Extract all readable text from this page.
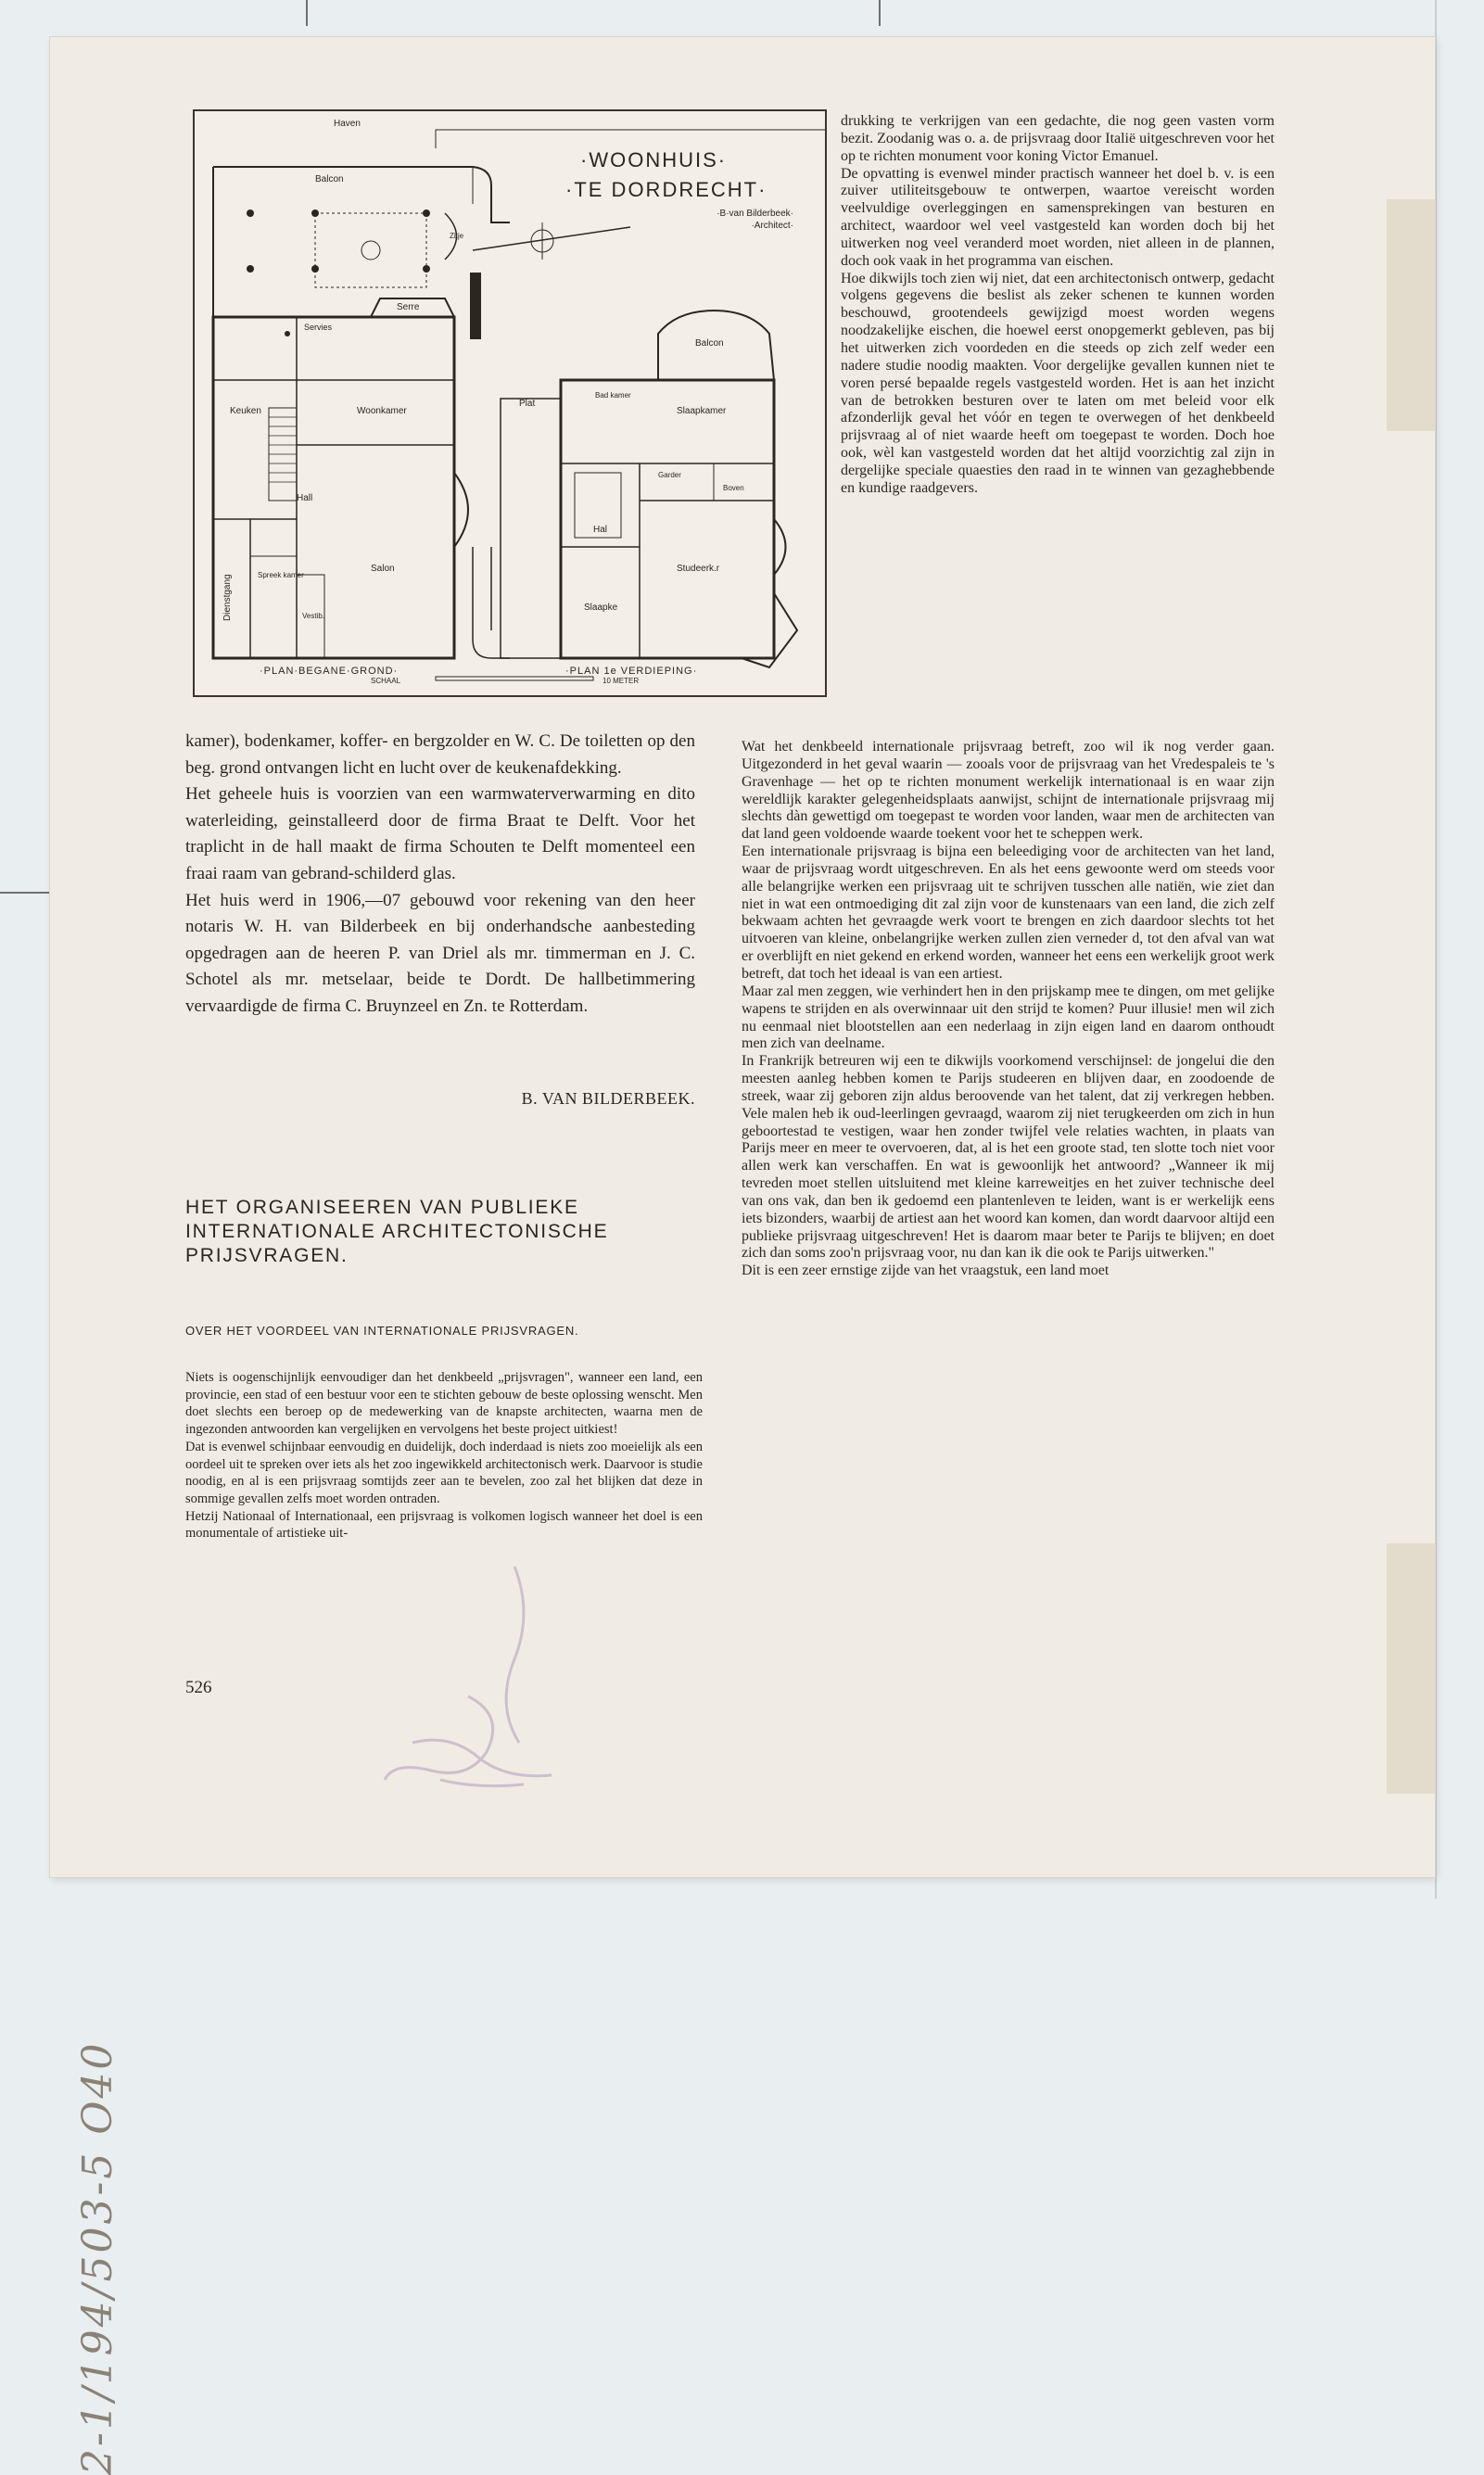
2-1/194/503-5 O40
·WOONHUIS·
·TE DORDRECHT·
·B·van Bilderbeek·
·Architect·
Haven
Balcon
Zitje
Serre
Servies
Keuken	Woonkamer
Hall
Salon
Dienstgang	Spreek kamer
Vestib.
Plat
Balcon
Bad kamer
Slaapkamer
Garder
Boven
Hal
Studeerk.r
Slaapke
·PLAN·BEGANE·GROND·	·PLAN 1e VERDIEPING·
SCHAAL	10 METER

drukking te verkrijgen van een gedachte, die nog geen vasten vorm bezit. Zoodanig was o. a. de prijsvraag door Italië uitgeschreven voor het op te richten monument voor koning Victor Emanuel.

De opvatting is evenwel minder practisch wanneer het doel b. v. is een zuiver utiliteitsgebouw te ontwerpen, waartoe vereischt worden veelvuldige overleggingen en samensprekingen van besturen en architect, waardoor wel veel vastgesteld kan worden doch bij het uitwerken nog veel veranderd moet worden, niet alleen in de plannen, doch ook vaak in het programma van eischen.

Hoe dikwijls toch zien wij niet, dat een architectonisch ontwerp, gedacht volgens gegevens die beslist als zeker schenen te kunnen worden beschouwd, grootendeels gewijzigd moest worden wegens noodzakelijke eischen, die hoewel eerst onopgemerkt gebleven, pas bij het uitwerken zich voordeden en die steeds op zich zelf weder een nadere studie noodig maakten. Voor dergelijke gevallen kunnen niet te voren persé bepaalde regels vastgesteld worden. Het is aan het inzicht van de betrokken besturen over te laten om met beleid voor elk afzonderlijk geval het vóór en tegen te overwegen of het denkbeeld prijsvraag al of niet waarde heeft om toegepast te worden. Doch hoe ook, wèl kan vastgesteld worden dat het altijd voorzichtig zal zijn in dergelijke speciale quaesties den raad in te winnen van gezaghebbende en kundige raadgevers.

kamer), bodenkamer, koffer- en bergzolder en W. C. De toiletten op den beg. grond ontvangen licht en lucht over de keukenafdekking.

Het geheele huis is voorzien van een warmwaterverwarming en dito waterleiding, geinstalleerd door de firma Braat te Delft. Voor het traplicht in de hall maakt de firma Schouten te Delft momenteel een fraai raam van gebrand-schilderd glas.

Het huis werd in 1906,—07 gebouwd voor rekening van den heer notaris W. H. van Bilderbeek en bij onderhandsche aanbesteding opgedragen aan de heeren P. van Driel als mr. timmerman en J. C. Schotel als mr. metselaar, beide te Dordt. De hallbetimmering vervaardigde de firma C. Bruynzeel en Zn. te Rotterdam.

B. VAN BILDERBEEK.

Wat het denkbeeld internationale prijsvraag betreft, zoo wil ik nog verder gaan. Uitgezonderd in het geval waarin — zooals voor de prijsvraag van het Vredespaleis te 's Gravenhage — het op te richten monument werkelijk internationaal is en waar zijn wereldlijk karakter gelegenheidsplaats aanwijst, schijnt de internationale prijsvraag mij slechts dàn gewettigd om toegepast te worden voor landen, waar men de architecten van dat land geen voldoende waarde toekent voor het te scheppen werk.

Een internationale prijsvraag is bijna een beleediging voor de architecten van het land, waar de prijsvraag wordt uitgeschreven. En als het eens gewoonte werd om steeds voor alle belangrijke werken een prijsvraag uit te schrijven tusschen alle natiën, wie ziet dan niet in wat een ontmoediging dit zal zijn voor de kunstenaars van een land, die zich zelf bekwaam achten het gevraagde werk voort te brengen en zich daardoor slechts tot het uitvoeren van kleine, onbelangrijke werken zullen zien verneder d, tot den afval van wat er overblijft en niet gekend en erkend worden, wanneer het eens een werkelijk groot werk betreft, dat toch het ideaal is van een artiest.

Maar zal men zeggen, wie verhindert hen in den prijskamp mee te dingen, om met gelijke wapens te strijden en als overwinnaar uit den strijd te komen? Puur illusie! men wil zich nu eenmaal niet blootstellen aan een nederlaag in zijn eigen land en daarom onthoudt men zich van deelname.

In Frankrijk betreuren wij een te dikwijls voorkomend verschijnsel: de jongelui die den meesten aanleg hebben komen te Parijs studeeren en blijven daar, en zoodoende de streek, waar zij geboren zijn aldus beroovende van het talent, dat zij verkregen hebben. Vele malen heb ik oud-leerlingen gevraagd, waarom zij niet terugkeerden om zich in hun geboortestad te vestigen, waar hen zonder twijfel vele relaties wachten, in plaats van Parijs meer en meer te overvoeren, dat, al is het een groote stad, ten slotte toch niet voor allen werk kan verschaffen. En wat is gewoonlijk het antwoord? „Wanneer ik mij tevreden moet stellen uitsluitend met kleine karreweitjes en het zuiver technische deel van ons vak, dan ben ik gedoemd een plantenleven te leiden, want is er werkelijk eens iets bizonders, waarbij de artiest aan het woord kan komen, dan wordt daarvoor altijd een publieke prijsvraag uitgeschreven! Het is daarom maar beter te Parijs te blijven; en doet zich dan soms zoo'n prijsvraag voor, nu dan kan ik die ook te Parijs uitwerken."

Dit is een zeer ernstige zijde van het vraagstuk, een land moet

HET ORGANISEEREN VAN PUBLIEKE INTERNATIONALE ARCHITECTONISCHE PRIJSVRAGEN.
OVER HET VOORDEEL VAN INTERNATIONALE PRIJSVRAGEN.

Niets is oogenschijnlijk eenvoudiger dan het denkbeeld „prijsvragen", wanneer een land, een provincie, een stad of een bestuur voor een te stichten gebouw de beste oplossing wenscht. Men doet slechts een beroep op de medewerking van de knapste architecten, waarna men de ingezonden antwoorden kan vergelijken en vervolgens het beste project uitkiest!

Dat is evenwel schijnbaar eenvoudig en duidelijk, doch inderdaad is niets zoo moeielijk als een oordeel uit te spreken over iets als het zoo ingewikkeld architectonisch werk. Daarvoor is studie noodig, en al is een prijsvraag somtijds zeer aan te bevelen, zoo zal het blijken dat deze in sommige gevallen zelfs moet worden ontraden.

Hetzij Nationaal of Internationaal, een prijsvraag is volkomen logisch wanneer het doel is een monumentale of artistieke uit-

526
